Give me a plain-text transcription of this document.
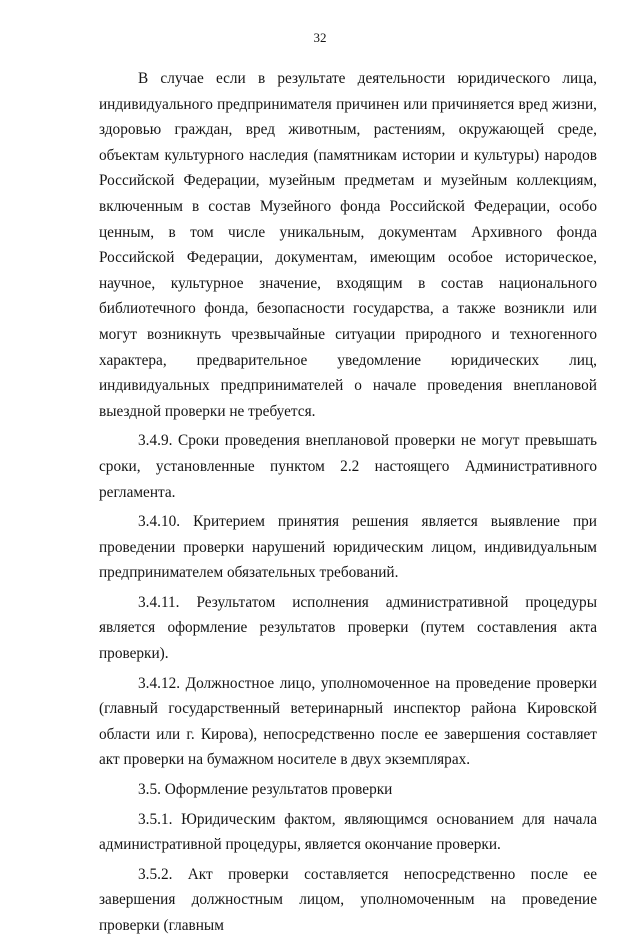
32

В случае если в результате деятельности юридического лица, индивидуального предпринимателя причинен или причиняется вред жизни, здоровью граждан, вред животным, растениям, окружающей среде, объектам культурного наследия (памятникам истории и культуры) народов Российской Федерации, музейным предметам и музейным коллекциям, включенным в состав Музейного фонда Российской Федерации, особо ценным, в том числе уникальным, документам Архивного фонда Российской Федерации, документам, имеющим особое историческое, научное, культурное значение, входящим в состав национального библиотечного фонда, безопасности государства, а также возникли или могут возникнуть чрезвычайные ситуации природного и техногенного характера, предварительное уведомление юридических лиц, индивидуальных предпринимателей о начале проведения внеплановой выездной проверки не требуется.

3.4.9. Сроки проведения внеплановой проверки не могут превышать сроки, установленные пунктом 2.2 настоящего Административного регламента.

3.4.10. Критерием принятия решения является выявление при проведении проверки нарушений юридическим лицом, индивидуальным предпринимателем обязательных требований.

3.4.11. Результатом исполнения административной процедуры является оформление результатов проверки (путем составления акта проверки).

3.4.12. Должностное лицо, уполномоченное на проведение проверки (главный государственный ветеринарный инспектор района Кировской области или г. Кирова), непосредственно после ее завершения составляет акт проверки на бумажном носителе в двух экземплярах.

3.5. Оформление результатов проверки

3.5.1. Юридическим фактом, являющимся основанием для начала административной процедуры, является окончание проверки.

3.5.2. Акт проверки составляется непосредственно после ее завершения должностным лицом, уполномоченным на проведение проверки (главным
